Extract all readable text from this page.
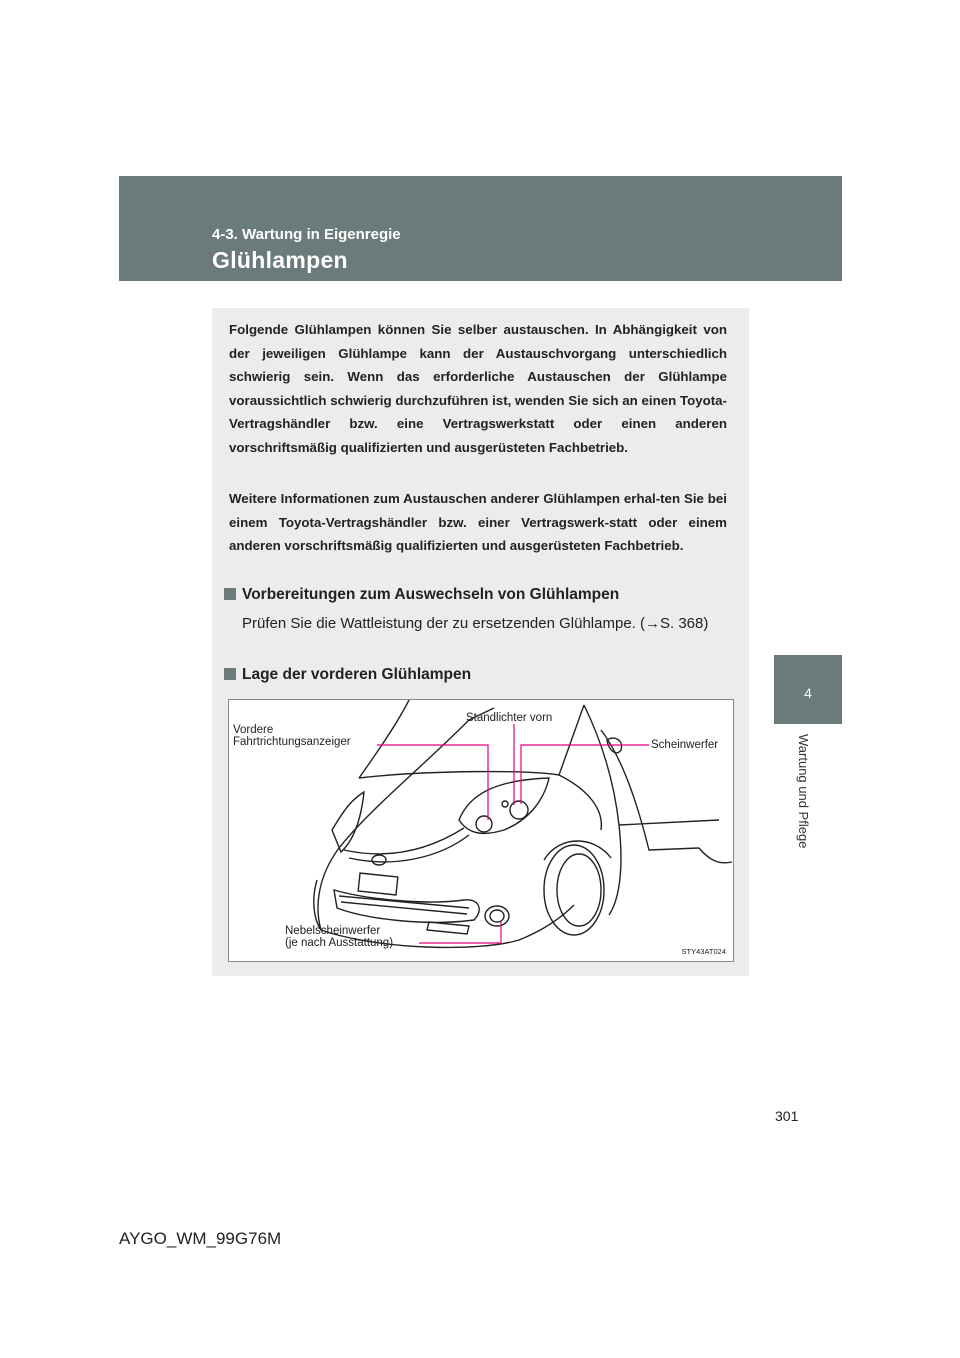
4-3. Wartung in Eigenregie
Glühlampen
4
Wartung und Pflege

Folgende Glühlampen können Sie selber austauschen. In Abhängigkeit von der jeweiligen Glühlampe kann der Austauschvorgang unterschiedlich schwierig sein. Wenn das erforderliche Austauschen der Glühlampe voraussichtlich schwierig durchzuführen ist, wenden Sie sich an einen Toyota-Vertragshändler bzw. eine Vertragswerkstatt oder einen anderen vorschriftsmäßig qualifizierten und ausgerüsteten Fachbetrieb.

Weitere Informationen zum Austauschen anderer Glühlampen erhal-ten Sie bei einem Toyota-Vertragshändler bzw. einer Vertragswerk-statt oder einem anderen vorschriftsmäßig qualifizierten und ausgerüsteten Fachbetrieb.

Vorbereitungen zum Auswechseln von Glühlampen

Prüfen Sie die Wattleistung der zu ersetzenden Glühlampe. (→S. 368)

Lage der vorderen Glühlampen
Vordere
Fahrtrichtungsanzeiger
Standlichter vorn
Scheinwerfer
Nebelscheinwerfer
(je nach Ausstattung)
STY43AT024
301
AYGO_WM_99G76M
